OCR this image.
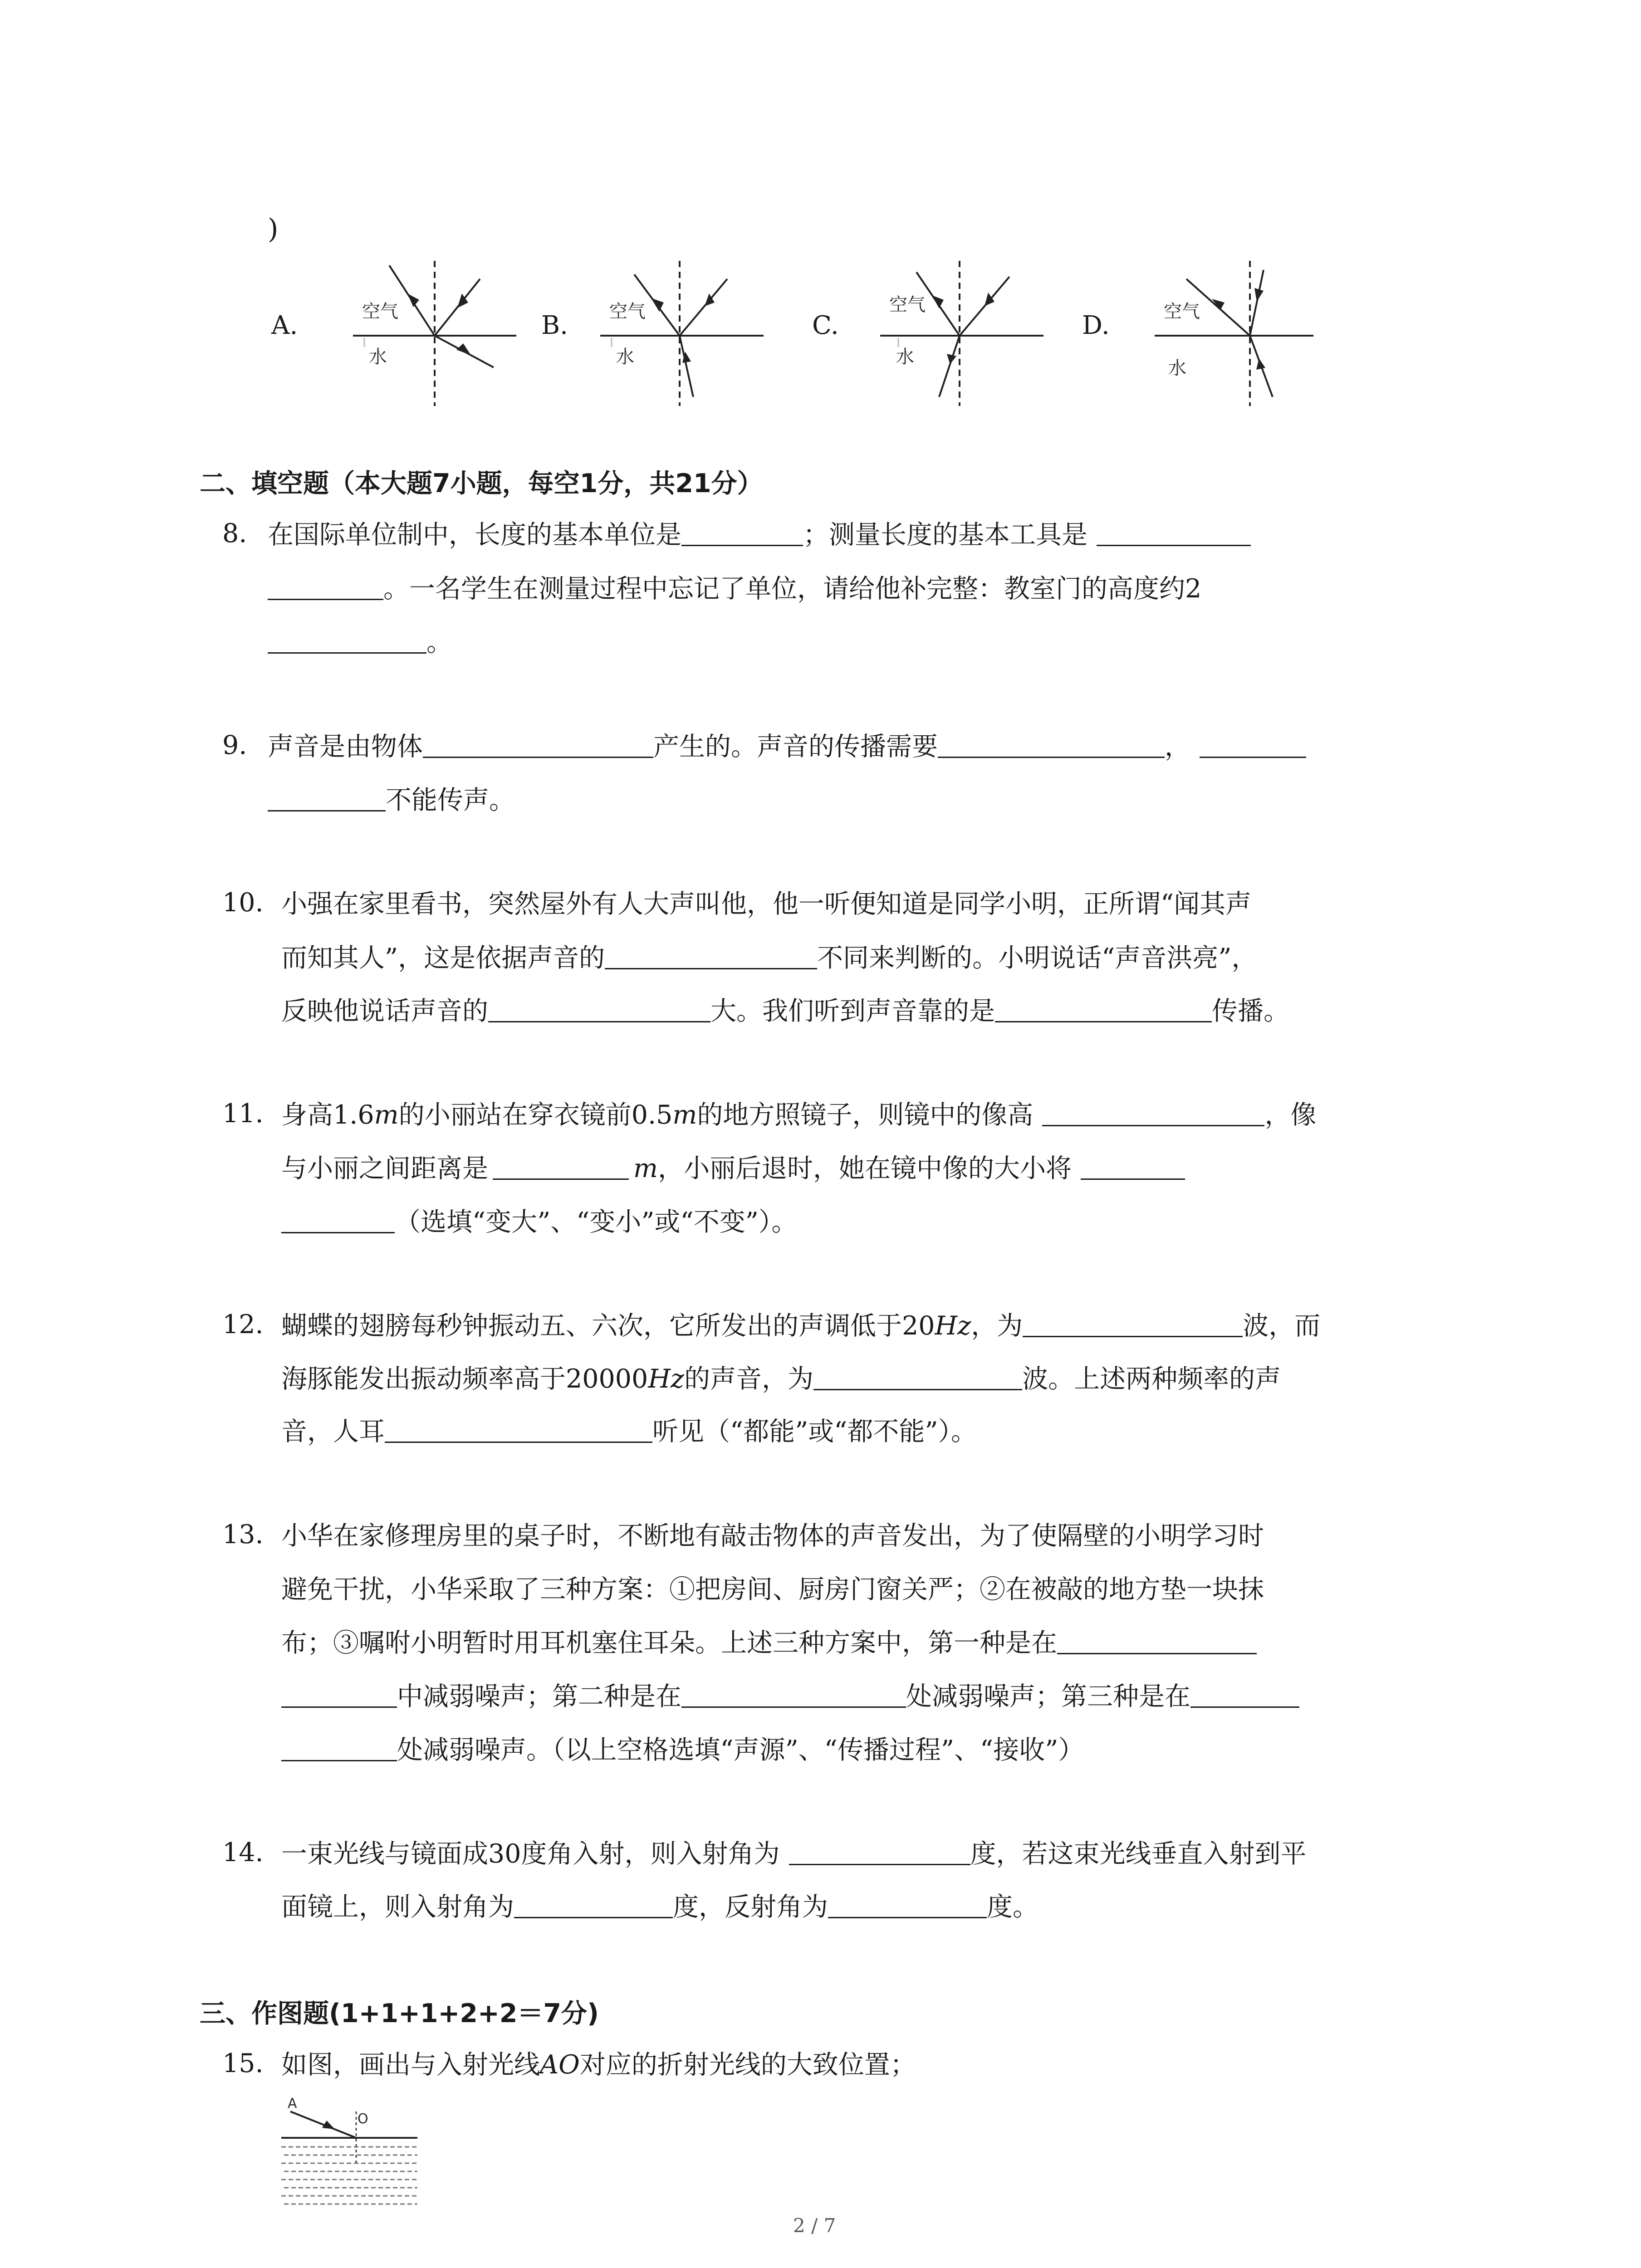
)
A.	空气
水
B. 空气
水
C.
空气
水
D.	空气
水
二、填空题（本大题7小题，每空1分，共21分）
8. 在国际单位制中，长度的基本单位是	；测量长度的基本工具是
。一名学生在测量过程中忘记了单位，请给他补完整：教室门的高度约2
。
9. 声音是由物体	产生的。声音的传播需要	，
不能传声。
10. 小强在家里看书，突然屋外有人大声叫他，他一听便知道是同学小明，正所谓“闻其声
而知其人”，这是依据声音的	不同来判断的。小明说话“声音洪亮”，
反映他说话声音的	大。我们听到声音靠的是	传播。
11. 身高1.6m的小丽站在穿衣镜前0.5m的地方照镜子，则镜中的像高	，像
与小丽之间距离是	m，小丽后退时，她在镜中像的大小将
（选填“变大”、“变小”或“不变”）。
12. 蝴蝶的翅膀每秒钟振动五、六次，它所发出的声调低于20Hz，为	波，而
海豚能发出振动频率高于20000Hz的声音，为	波。上述两种频率的声
音，人耳	听见（“都能”或“都不能”）。
13. 小华在家修理房里的桌子时，不断地有敲击物体的声音发出，为了使隔壁的小明学习时
避免干扰，小华采取了三种方案：①把房间、厨房门窗关严；②在被敲的地方垫一块抹
布；③嘱咐小明暂时用耳机塞住耳朵。上述三种方案中，第一种是在
中减弱噪声；第二种是在	处减弱噪声；第三种是在
处减弱噪声。（以上空格选填“声源”、“传播过程”、“接收”）
14. 一束光线与镜面成30度角入射，则入射角为	度，若这束光线垂直入射到平
面镜上，则入射角为	度，反射角为	度。
三、作图题(1+1+1+2+2＝7分)
15. 如图，画出与入射光线AO对应的折射光线的大致位置；
A
O
2 / 7
